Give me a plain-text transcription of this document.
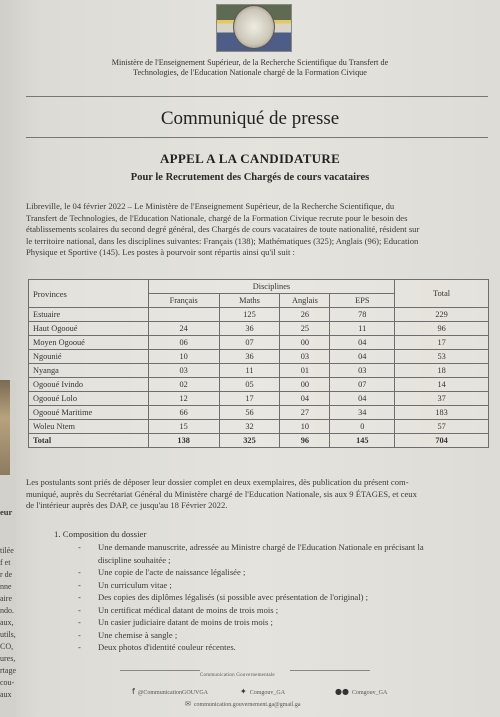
eur
tilée
f et
r de
nne
aire
ndo.
aux,
utils,
CO,
ures,
rtage
cou-
aux
Ministère de l'Enseignement Supérieur, de la Recherche Scientifique du Transfert de
Technologies, de l'Education Nationale chargé de la Formation Civique
Communiqué de presse
APPEL A LA CANDIDATURE
Pour le Recrutement des Chargés de cours vacataires
Libreville, le 04 février 2022 – Le Ministère de l'Enseignement Supérieur, de la Recherche Scientifique, du
Transfert de Technologies, de l'Education Nationale, chargé de la Formation Civique recrute pour le besoin des
établissements scolaires du second degré général, des Chargés de cours vacataires de toute nationalité, résident sur
le territoire national, dans les disciplines suivantes: Français (138); Mathématiques (325); Anglais (96); Education
Physique et Sportive (145). Les postes à pourvoir sont répartis ainsi qu'il suit :
Provinces	Disciplines				Total
	Français	Maths	Anglais	EPS	
Estuaire		125	26	78	229
Haut Ogooué	24	36	25	11	96
Moyen Ogooué	06	07	00	04	17
Ngounié	10	36	03	04	53
Nyanga	03	11	01	03	18
Ogooué Ivindo	02	05	00	07	14
Ogooué Lolo	12	17	04	04	37
Ogooué Maritime	66	56	27	34	183
Woleu Ntem	15	32	10	0	57
Total	138	325	96	145	704
Les postulants sont priés de déposer leur dossier complet en deux exemplaires, dès publication du présent com-
muniqué, auprès du Secrétariat Général du Ministère chargé de l'Education Nationale, sis aux 9 ÉTAGES, et ceux
de l'intérieur auprès des DAP, ce jusqu'au 18 Février 2022.
1. Composition du dossier
- Une demande manuscrite, adressée au Ministre chargé de l'Education Nationale en précisant la
discipline souhaitée ;
- Une copie de l'acte de naissance légalisée ;
- Un curriculum vitae ;
- Des copies des diplômes légalisés (si possible avec présentation de l'original) ;
- Un certificat médical datant de moins de trois mois ;
- Un casier judiciaire datant de moins de trois mois ;
- Une chemise à sangle ;
- Deux photos d'identité couleur récentes.
Communication Gouvernementale
f @CommunicationGOUVGA	✦ Comgouv_GA	●● Comgouv_GA
✉ communication.gouvernement.ga@gmail.ga
